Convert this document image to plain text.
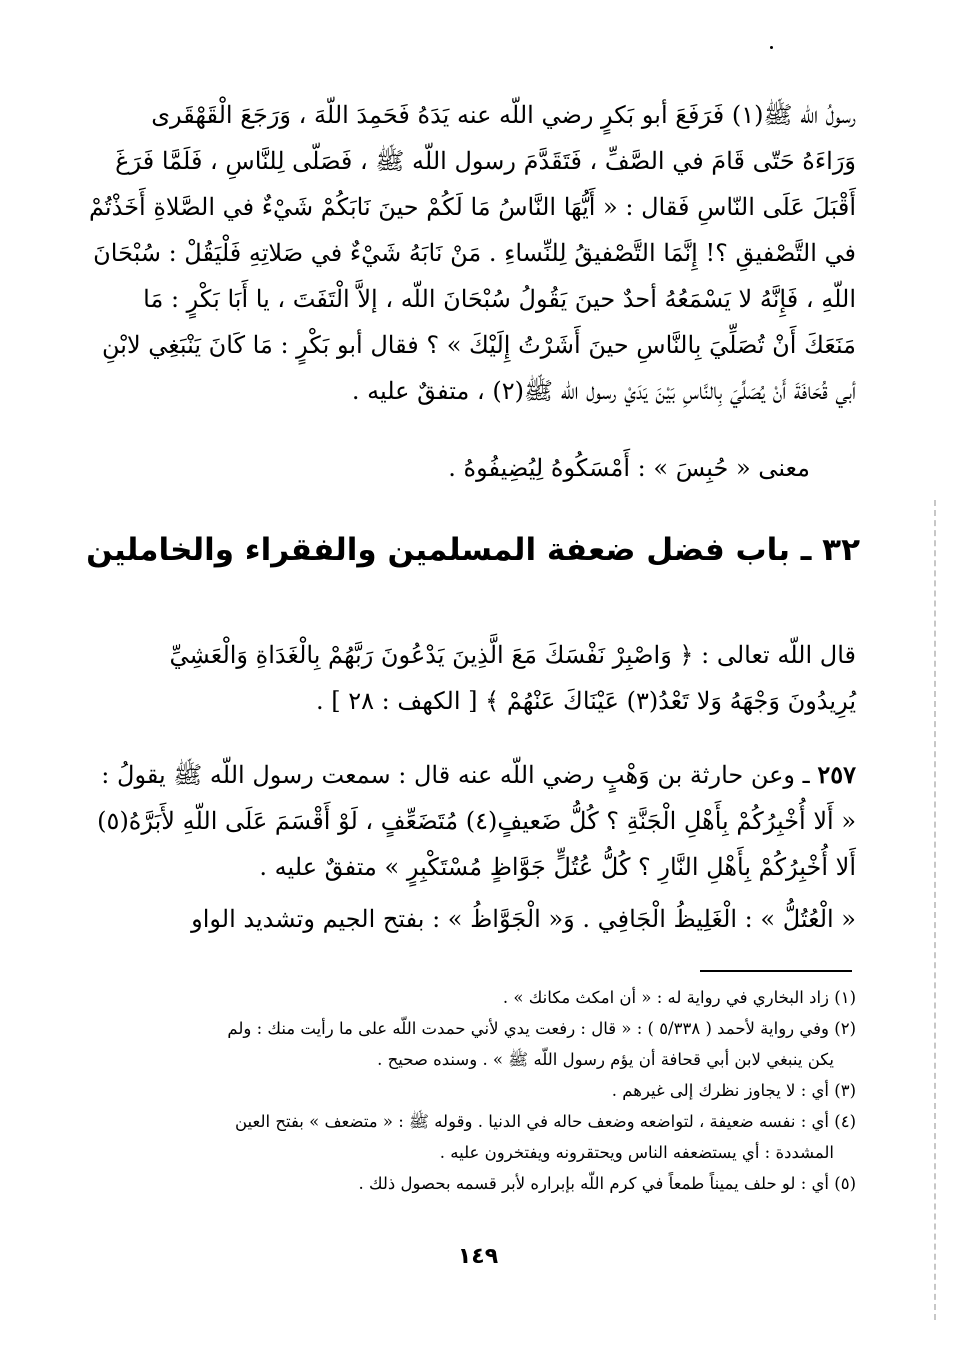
رسولُ اللّه ﷺ(١) فَرَفَعَ أبو بَكرٍ رضي اللّه عنه يَدَهُ فَحَمِدَ اللّهَ ، وَرَجَعَ الْقَهْقَرى
وَرَاءَهُ حَتّى قَامَ في الصَّفِّ ، فَتَقَدَّمَ رسول اللّه ﷺ ، فَصَلّى لِلنَّاسِ ، فَلَمَّا فَرَغَ
أَقْبَلَ عَلَى النّاسِ فَقال : « أَيُّهَا النَّاسُ مَا لَكُمْ حينَ نَابَكُمْ شَيْءٌ في الصَّلاةِ أَخَذْتُمْ
في التَّصْفيقِ ؟! إِنَّمَا التَّصْفيقُ لِلنِّساءِ . مَنْ نَابَهُ شَيْءٌ في صَلاتِهِ فَلْيَقُلْ : سُبْحَانَ
اللّهِ ، فَإِنَّهُ لا يَسْمَعُهُ أحدٌ حينَ يَقُولُ سُبْحَانَ اللّه ، إلاَّ الْتَفَتَ ، يا أَبَا بَكْرٍ : مَا
مَنَعَكَ أَنْ تُصَلِّيَ بِالنَّاسِ حينَ أَشَرْتُ إِلَيْكَ » ؟ فقال أبو بَكْرٍ : مَا كَانَ يَنْبَغِي لابْنِ
أبي قُحَافَةَ أَنْ يُصَلِّيَ بِالنَّاسِ بَيْنَ يَدَيْ رسول اللّه ﷺ(٢) ، متفقٌ عليه .
معنى « حُبِسَ » : أَمْسَكُوهُ لِيُضِيفُوهُ .
٣٢ ـ باب فضل ضعفة المسلمين والفقراء والخاملين
قال اللّه تعالى : ﴿ وَاصْبِرْ نَفْسَكَ مَعَ الَّذِينَ يَدْعُونَ رَبَّهُمْ بِالْغَدَاةِ وَالْعَشِيِّ
يُرِيدُونَ وَجْهَهُ وَلا تَعْدُ(٣) عَيْنَاكَ عَنْهُمْ ﴾ [ الكهف : ٢٨ ] .
٢٥٧ ـ وعن حارثة بن وَهْبٍ رضي اللّه عنه قال : سمعت رسول اللّه ﷺ يقولُ :
« أَلا أُخْبِرُكُمْ بِأَهْلِ الْجَنَّةِ ؟ كُلُّ ضَعيفٍ(٤) مُتَضَعِّفٍ ، لَوْ أَقْسَمَ عَلَى اللّهِ لأَبَرَّهُ(٥)
أَلا أُخْبِرُكُمْ بِأَهْلِ النَّارِ ؟ كُلُّ عُتُلٍّ جَوَّاظٍ مُسْتَكْبِرٍ » متفقٌ عليه .
« الْعُتُلُّ » : الْغَلِيظُ الْجَافِي . وَ« الْجَوَّاظُ » : بفتح الجيم وتشديد الواو
(١) زاد البخاري في رواية له : « أن امكث مكانك » .
(٢) وفي رواية لأحمد ( ٥/٣٣٨ ) : « قال : رفعت يدي لأني حمدت اللّه على ما رأيت منك : ولم
يكن ينبغي لابن أبي قحافة أن يؤم رسول اللّه ﷺ » . وسنده صحيح .
(٣) أي : لا يجاوز نظرك إلى غيرهم .
(٤) أي : نفسه ضعيفة ، لتواضعه وضعف حاله في الدنيا . وقوله ﷺ : « متضعف » بفتح العين
المشددة : أي يستضعفه الناس ويحتقرونه ويفتخرون عليه .
(٥) أي : لو حلف يميناً طمعاً في كرم اللّه بإبراره لأبر قسمه بحصول ذلك .
١٤٩
